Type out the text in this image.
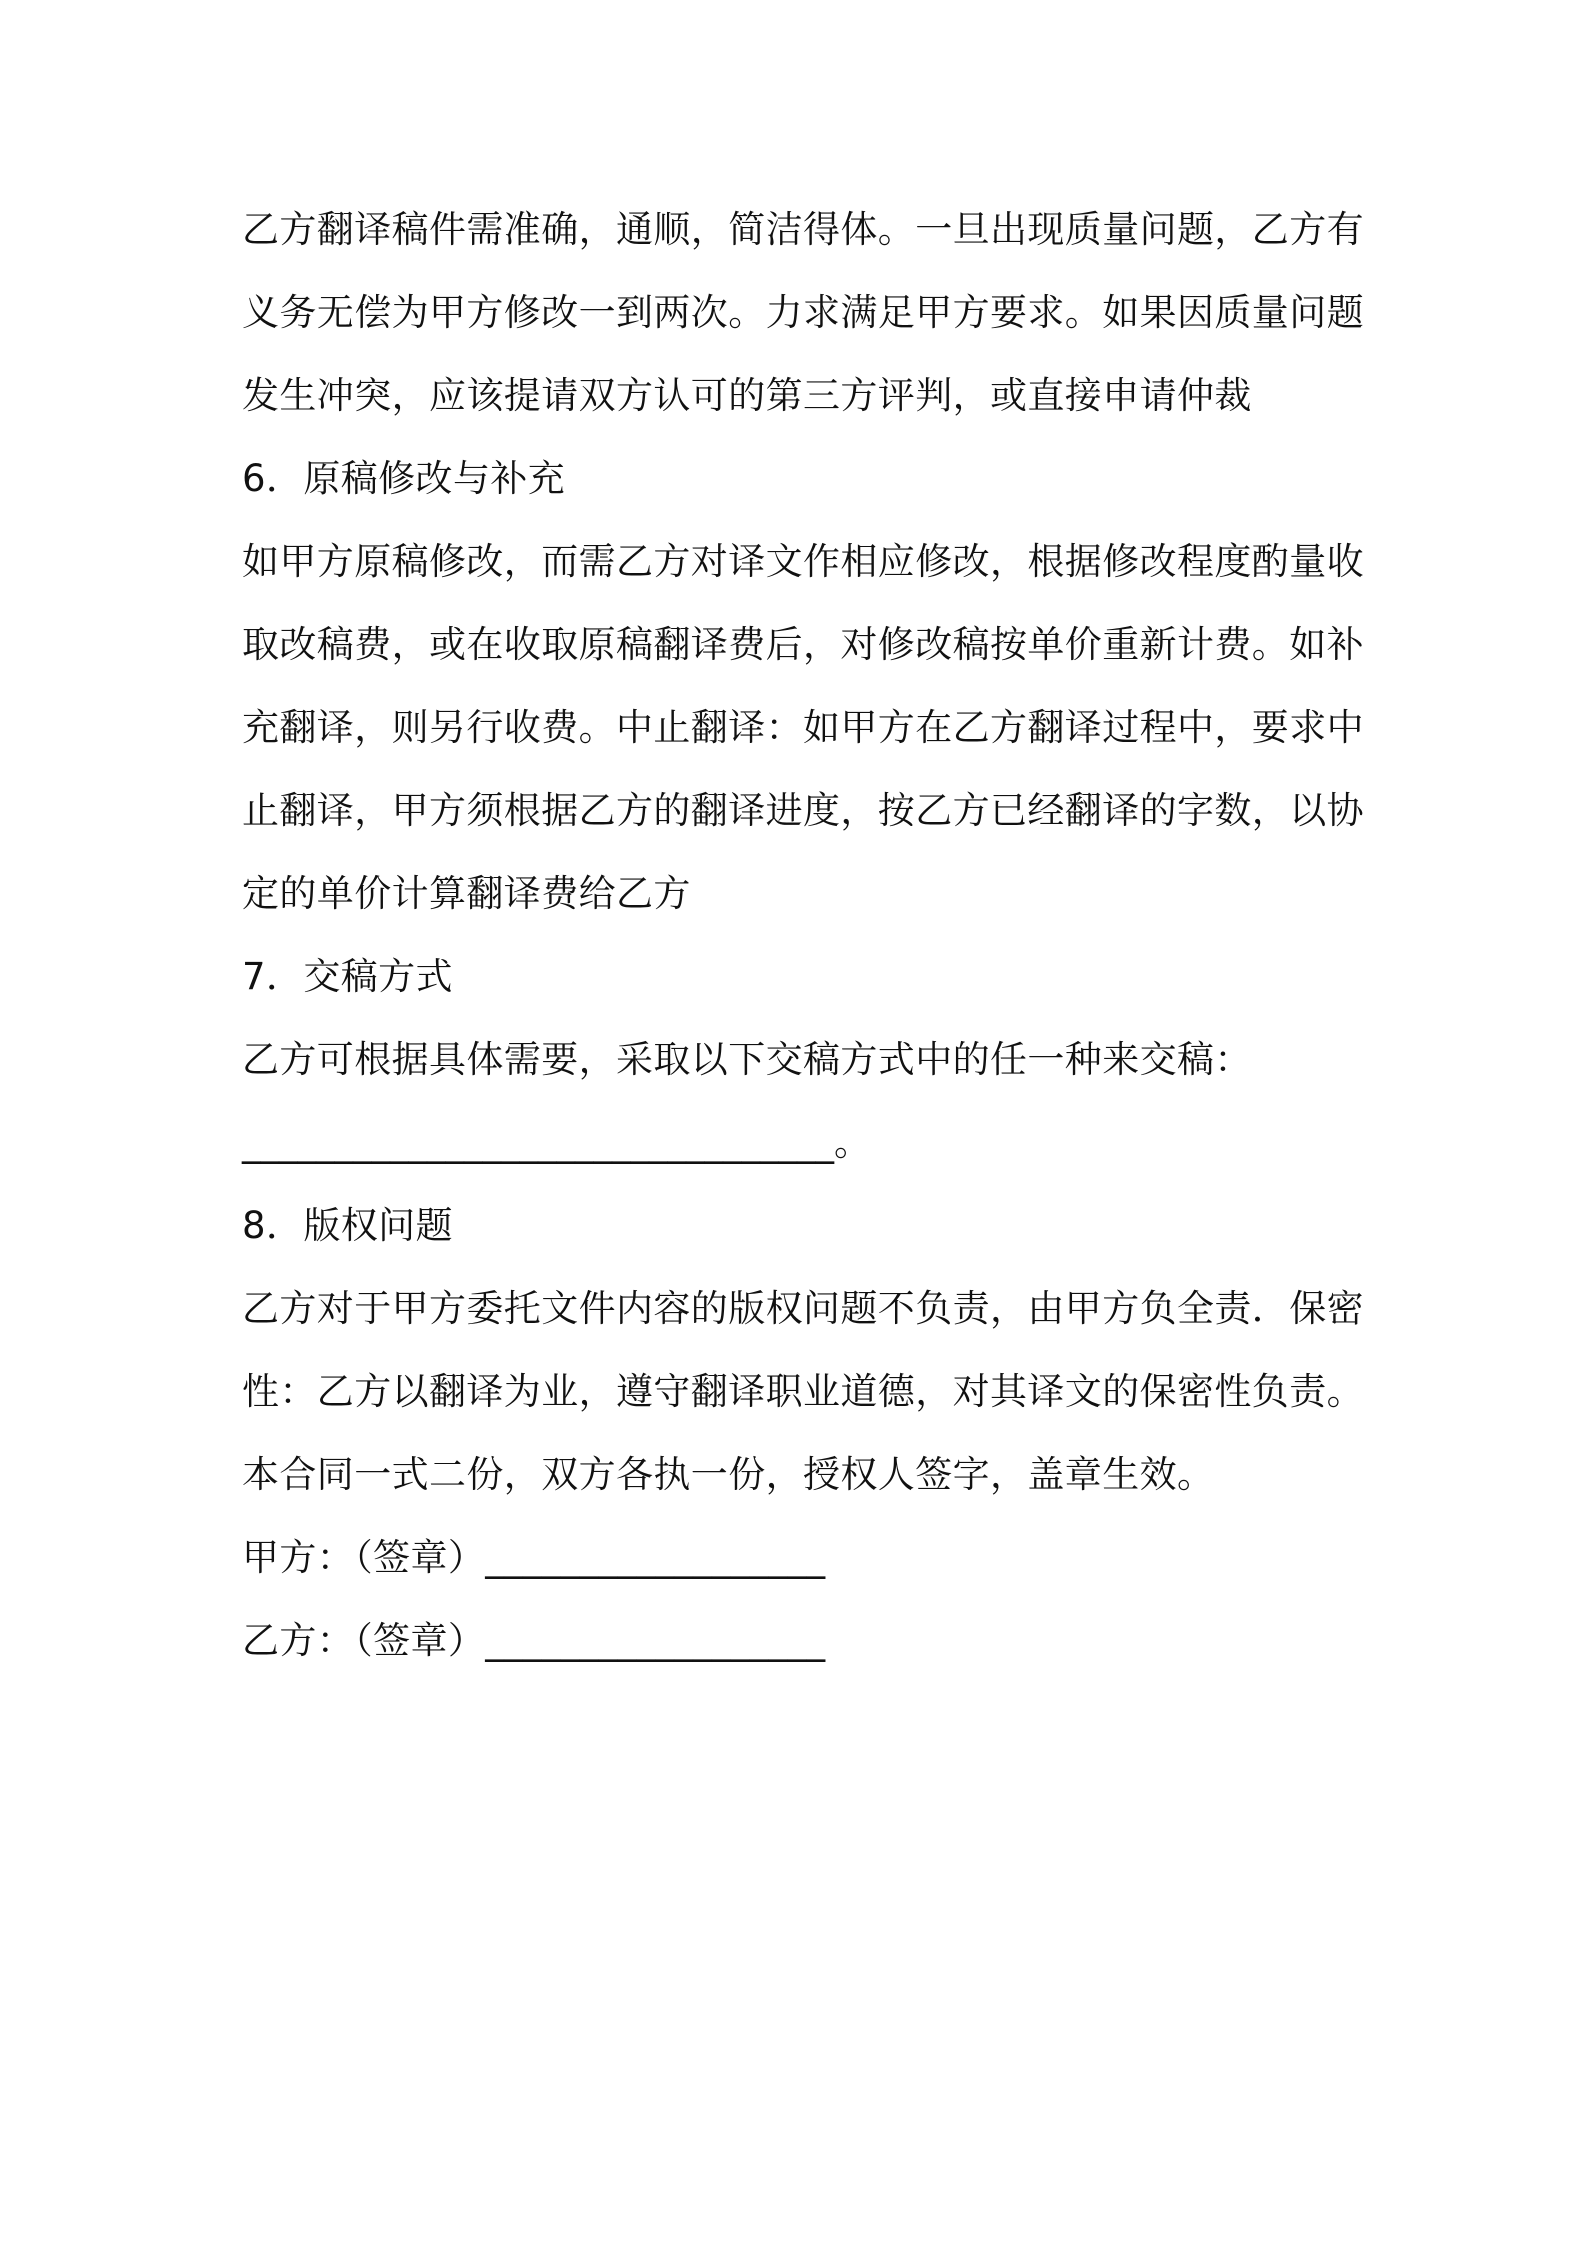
乙方翻译稿件需准确，通顺，简洁得体。一旦出现质量问题，乙方有
义务无偿为甲方修改一到两次。力求满足甲方要求。如果因质量问题
发生冲突，应该提请双方认可的第三方评判，或直接申请仲裁
6．原稿修改与补充
如甲方原稿修改，而需乙方对译文作相应修改，根据修改程度酌量收
取改稿费，或在收取原稿翻译费后，对修改稿按单价重新计费。如补
充翻译，则另行收费。中止翻译：如甲方在乙方翻译过程中，要求中
止翻译，甲方须根据乙方的翻译进度，按乙方已经翻译的字数，以协
定的单价计算翻译费给乙方
7．交稿方式
乙方可根据具体需要，采取以下交稿方式中的任一种来交稿：
________________________________。
8．版权问题
乙方对于甲方委托文件内容的版权问题不负责，由甲方负全责．保密
性：乙方以翻译为业，遵守翻译职业道德，对其译文的保密性负责。
本合同一式二份，双方各执一份，授权人签字，盖章生效。
甲方：（签章）__________________
乙方：（签章）__________________
